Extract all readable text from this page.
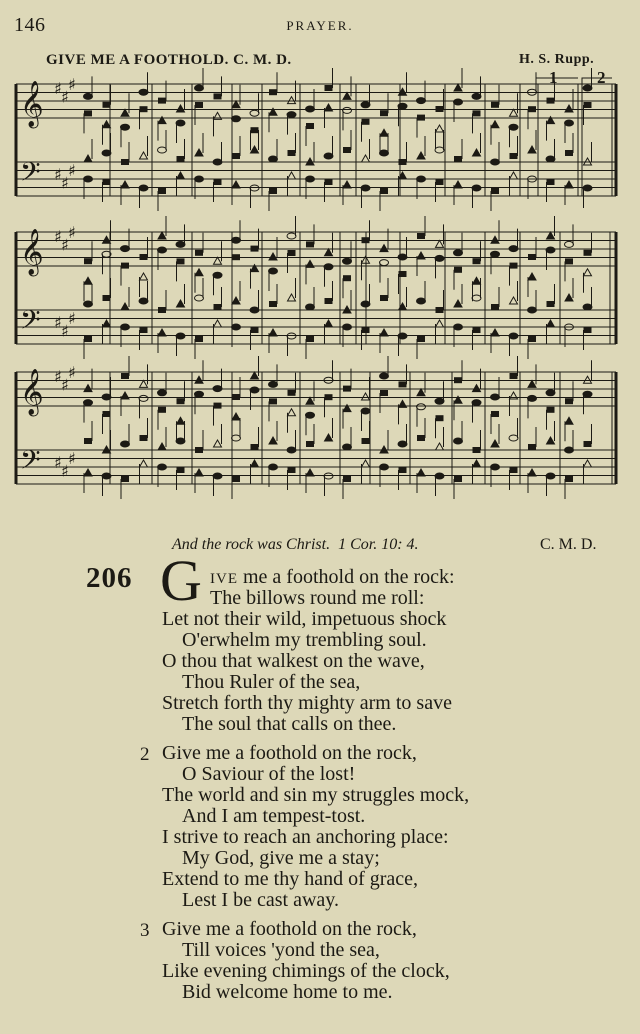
146	PRAYER.
GIVE ME A FOOTHOLD. C. M. D.	H. S. Rupp.
1 2
𝄞
𝄢
♯
♯
♯
♯
♯
♯
𝄞
𝄢
♯
♯
♯
♯
♯
♯
𝄞
𝄢
♯
♯
♯
♯
♯
♯
And the rock was Christ. 1 Cor. 10: 4.	C. M. D.
206 G IVE me a foothold on the rock:
The billows round me roll:
Let not their wild, impetuous shock
O'erwhelm my trembling soul.
O thou that walkest on the wave,
Thou Ruler of the sea,
Stretch forth thy mighty arm to save
The soul that calls on thee.
2 Give me a foothold on the rock,
O Saviour of the lost!
The world and sin my struggles mock,
And I am tempest-tost.
I strive to reach an anchoring place:
My God, give me a stay;
Extend to me thy hand of grace,
Lest I be cast away.
3 Give me a foothold on the rock,
Till voices 'yond the sea,
Like evening chimings of the clock,
Bid welcome home to me.
